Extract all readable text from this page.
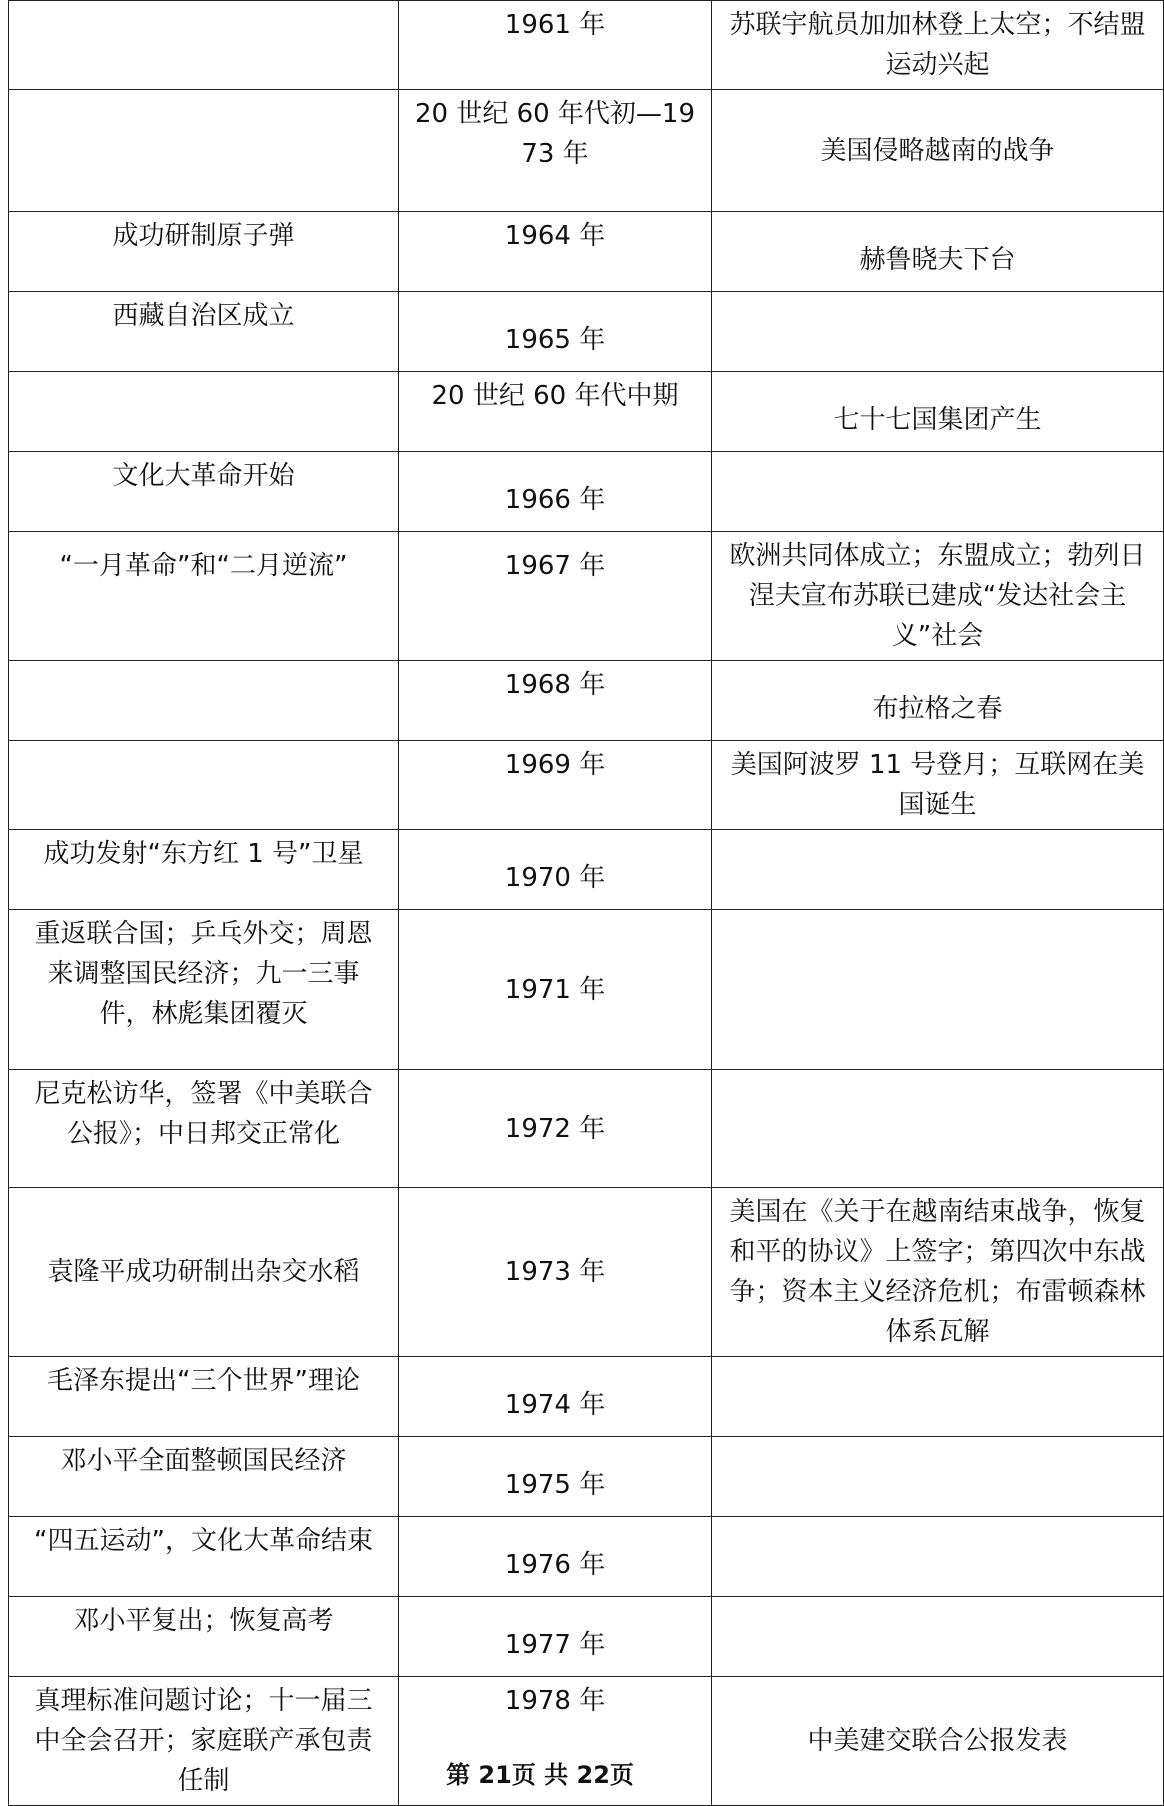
	1961 年	苏联宇航员加加林登上太空；不结盟运动兴起
	20 世纪 60 年代初—1973 年	美国侵略越南的战争
成功研制原子弹	1964 年	赫鲁晓夫下台
西藏自治区成立	1965 年	
	20 世纪 60 年代中期	七十七国集团产生
文化大革命开始	1966 年	
“一月革命”和“二月逆流”	1967 年	欧洲共同体成立；东盟成立；勃列日涅夫宣布苏联已建成“发达社会主义”社会
	1968 年	布拉格之春
	1969 年	美国阿波罗 11 号登月；互联网在美国诞生
成功发射“东方红 1 号”卫星	1970 年	
重返联合国；乒乓外交；周恩来调整国民经济；九一三事件，林彪集团覆灭	1971 年	
尼克松访华，签署《中美联合公报》；中日邦交正常化	1972 年	
袁隆平成功研制出杂交水稻	1973 年	美国在《关于在越南结束战争，恢复和平的协议》上签字；第四次中东战争；资本主义经济危机；布雷顿森林体系瓦解
毛泽东提出“三个世界”理论	1974 年	
邓小平全面整顿国民经济	1975 年	
“四五运动”，文化大革命结束	1976 年	
邓小平复出；恢复高考	1977 年	
真理标准问题讨论；十一届三中全会召开；家庭联产承包责任制	1978 年	中美建交联合公报发表
第 21页 共 22页
